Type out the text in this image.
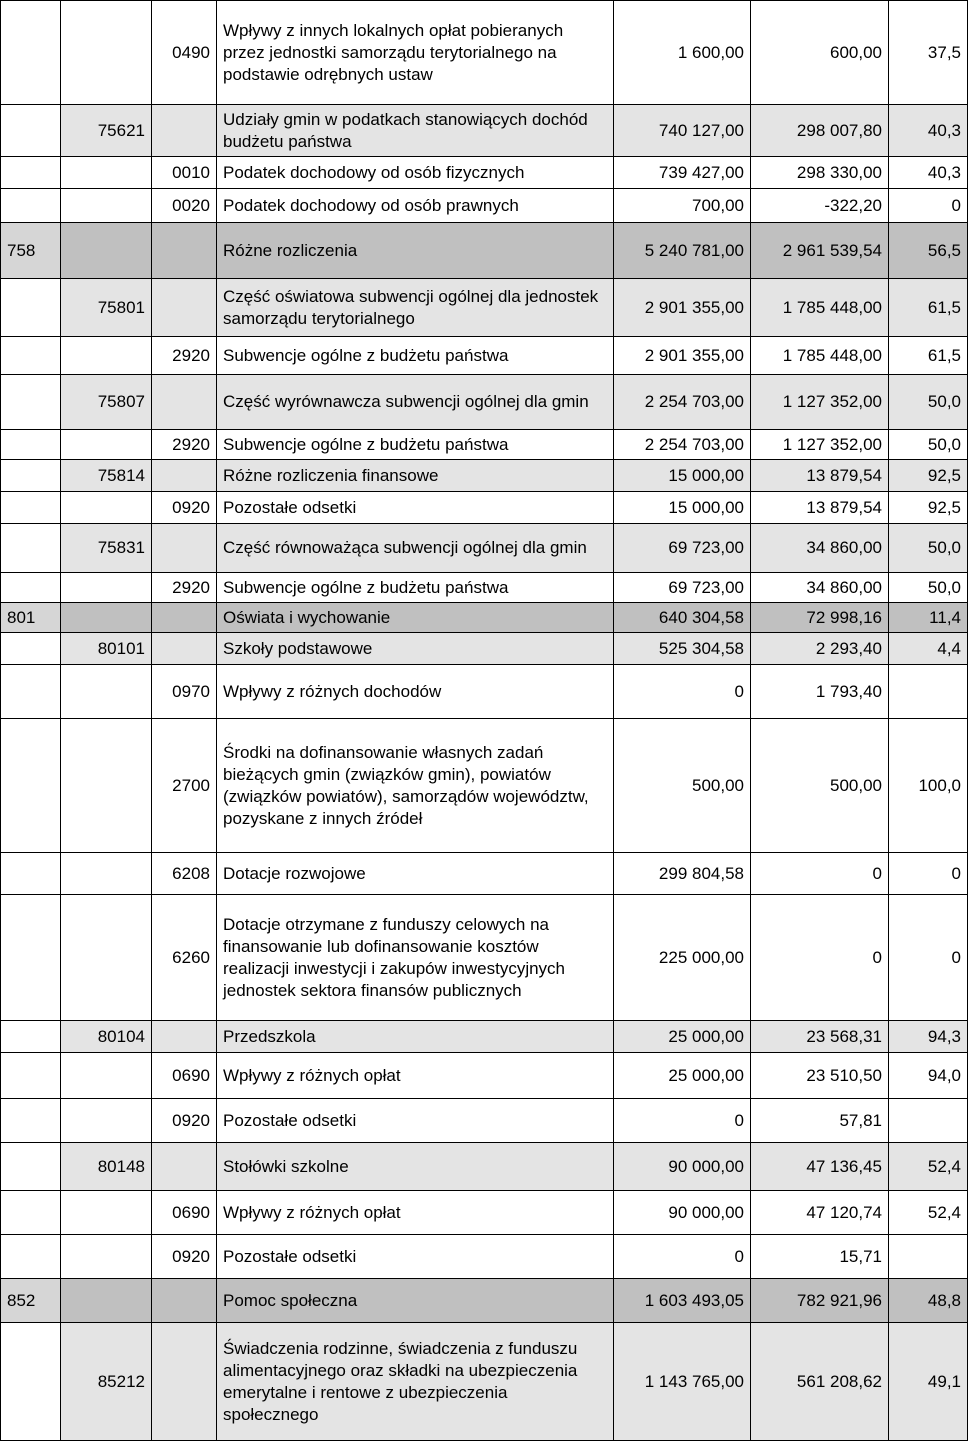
		0490	Wpływy z innych lokalnych opłat pobieranych przez jednostki samorządu terytorialnego na podstawie odrębnych ustaw	1 600,00	600,00	37,5
	75621		Udziały gmin w podatkach stanowiących dochód budżetu państwa	740 127,00	298 007,80	40,3
		0010	Podatek dochodowy od osób fizycznych	739 427,00	298 330,00	40,3
		0020	Podatek dochodowy od osób prawnych	700,00	-322,20	0
758			Różne rozliczenia	5 240 781,00	2 961 539,54	56,5
	75801		Część oświatowa subwencji ogólnej dla jednostek samorządu terytorialnego	2 901 355,00	1 785 448,00	61,5
		2920	Subwencje ogólne z budżetu państwa	2 901 355,00	1 785 448,00	61,5
	75807		Część wyrównawcza subwencji ogólnej dla gmin	2 254 703,00	1 127 352,00	50,0
		2920	Subwencje ogólne z budżetu państwa	2 254 703,00	1 127 352,00	50,0
	75814		Różne rozliczenia finansowe	15 000,00	13 879,54	92,5
		0920	Pozostałe odsetki	15 000,00	13 879,54	92,5
	75831		Część równoważąca subwencji ogólnej dla gmin	69 723,00	34 860,00	50,0
		2920	Subwencje ogólne z budżetu państwa	69 723,00	34 860,00	50,0
801			Oświata i wychowanie	640 304,58	72 998,16	11,4
	80101		Szkoły podstawowe	525 304,58	2 293,40	4,4
		0970	Wpływy z różnych dochodów	0	1 793,40	
		2700	Środki na dofinansowanie własnych zadań bieżących gmin (związków gmin), powiatów (związków powiatów), samorządów województw, pozyskane z innych źródeł	500,00	500,00	100,0
		6208	Dotacje rozwojowe	299 804,58	0	0
		6260	Dotacje otrzymane z funduszy celowych na finansowanie lub dofinansowanie kosztów realizacji inwestycji i zakupów inwestycyjnych jednostek sektora finansów publicznych	225 000,00	0	0
	80104		Przedszkola	25 000,00	23 568,31	94,3
		0690	Wpływy z różnych opłat	25 000,00	23 510,50	94,0
		0920	Pozostałe odsetki	0	57,81	
	80148		Stołówki szkolne	90 000,00	47 136,45	52,4
		0690	Wpływy z różnych opłat	90 000,00	47 120,74	52,4
		0920	Pozostałe odsetki	0	15,71	
852			Pomoc społeczna	1 603 493,05	782 921,96	48,8
	85212		Świadczenia rodzinne, świadczenia z funduszu alimentacyjnego oraz składki na ubezpieczenia emerytalne i rentowe z ubezpieczenia społecznego	1 143 765,00	561 208,62	49,1
